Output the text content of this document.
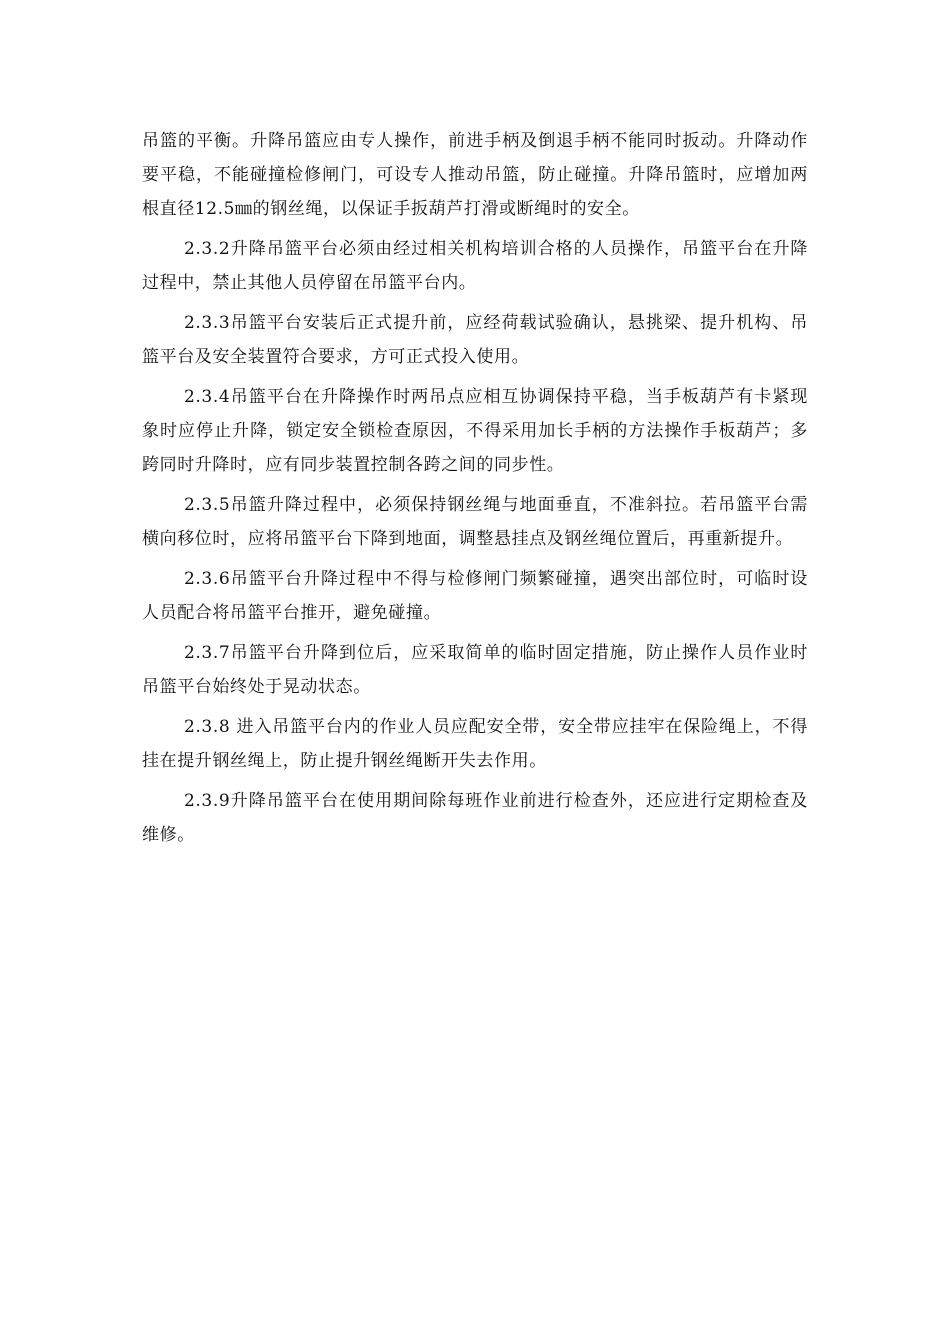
吊篮的平衡。升降吊篮应由专人操作，前进手柄及倒退手柄不能同时扳动。升降动作要平稳，不能碰撞检修闸门，可设专人推动吊篮，防止碰撞。升降吊篮时，应增加两根直径12.5㎜的钢丝绳，以保证手扳葫芦打滑或断绳时的安全。

2.3.2升降吊篮平台必须由经过相关机构培训合格的人员操作，吊篮平台在升降过程中，禁止其他人员停留在吊篮平台内。

2.3.3吊篮平台安装后正式提升前，应经荷载试验确认，悬挑梁、提升机构、吊篮平台及安全装置符合要求，方可正式投入使用。

2.3.4吊篮平台在升降操作时两吊点应相互协调保持平稳，当手板葫芦有卡紧现象时应停止升降，锁定安全锁检查原因，不得采用加长手柄的方法操作手板葫芦；多跨同时升降时，应有同步装置控制各跨之间的同步性。

2.3.5吊篮升降过程中，必须保持钢丝绳与地面垂直，不准斜拉。若吊篮平台需横向移位时，应将吊篮平台下降到地面，调整悬挂点及钢丝绳位置后，再重新提升。

2.3.6吊篮平台升降过程中不得与检修闸门频繁碰撞，遇突出部位时，可临时设人员配合将吊篮平台推开，避免碰撞。

2.3.7吊篮平台升降到位后，应采取简单的临时固定措施，防止操作人员作业时吊篮平台始终处于晃动状态。

2.3.8 进入吊篮平台内的作业人员应配安全带，安全带应挂牢在保险绳上，不得挂在提升钢丝绳上，防止提升钢丝绳断开失去作用。

2.3.9升降吊篮平台在使用期间除每班作业前进行检查外，还应进行定期检查及维修。
